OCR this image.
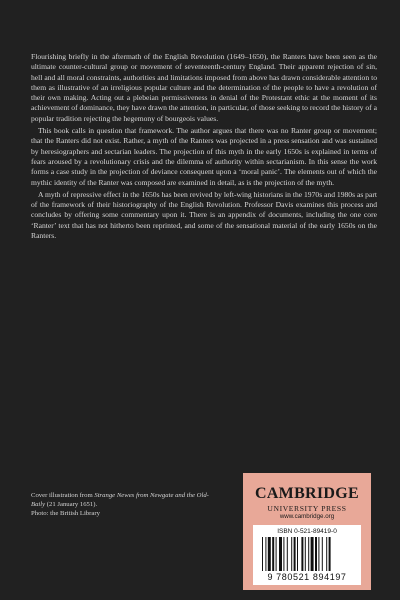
Flourishing briefly in the aftermath of the English Revolution (1649–1650), the Ranters have been seen as the ultimate counter-cultural group or movement of seventeenth-century England. Their apparent rejection of sin, hell and all moral constraints, authorities and limitations imposed from above has drawn considerable attention to them as illustrative of an irreligious popular culture and the determination of the people to have a revolution of their own making. Acting out a plebeian permissiveness in denial of the Protestant ethic at the moment of its achievement of dominance, they have drawn the attention, in particular, of those seeking to record the history of a popular tradition rejecting the hegemony of bourgeois values.

This book calls in question that framework. The author argues that there was no Ranter group or movement; that the Ranters did not exist. Rather, a myth of the Ranters was projected in a press sensation and was sustained by heresiographers and sectarian leaders. The projection of this myth in the early 1650s is explained in terms of fears aroused by a revolutionary crisis and the dilemma of authority within sectarianism. In this sense the work forms a case study in the projection of deviance consequent upon a ‘moral panic’. The elements out of which the mythic identity of the Ranter was composed are examined in detail, as is the projection of the myth.

A myth of repressive effect in the 1650s has been revived by left-wing historians in the 1970s and 1980s as part of the framework of their historiography of the English Revolution. Professor Davis examines this process and concludes by offering some commentary upon it. There is an appendix of documents, including the one core ‘Ranter’ text that has not hitherto been reprinted, and some of the sensational material of the early 1650s on the Ranters.

Cover illustration from Strange Newes from Newgate and the Old-Baily (21 January 1651).
Photo: the British Library
CAMBRIDGE
UNIVERSITY PRESS
www.cambridge.org
ISBN 0-521-89419-0
9 780521 894197
